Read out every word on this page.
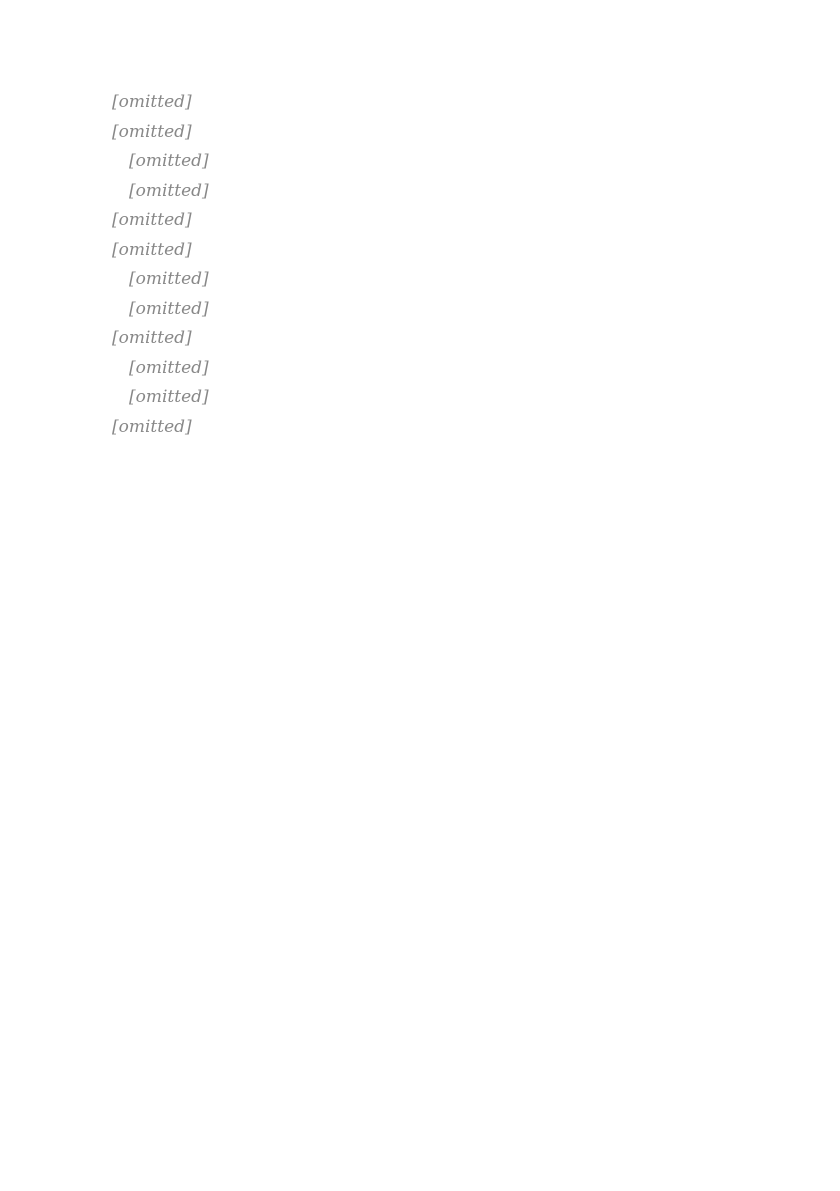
[omitted]

[omitted]

[omitted]

[omitted]

[omitted]

[omitted]

[omitted]

[omitted]

[omitted]

[omitted]

[omitted]

[omitted]
